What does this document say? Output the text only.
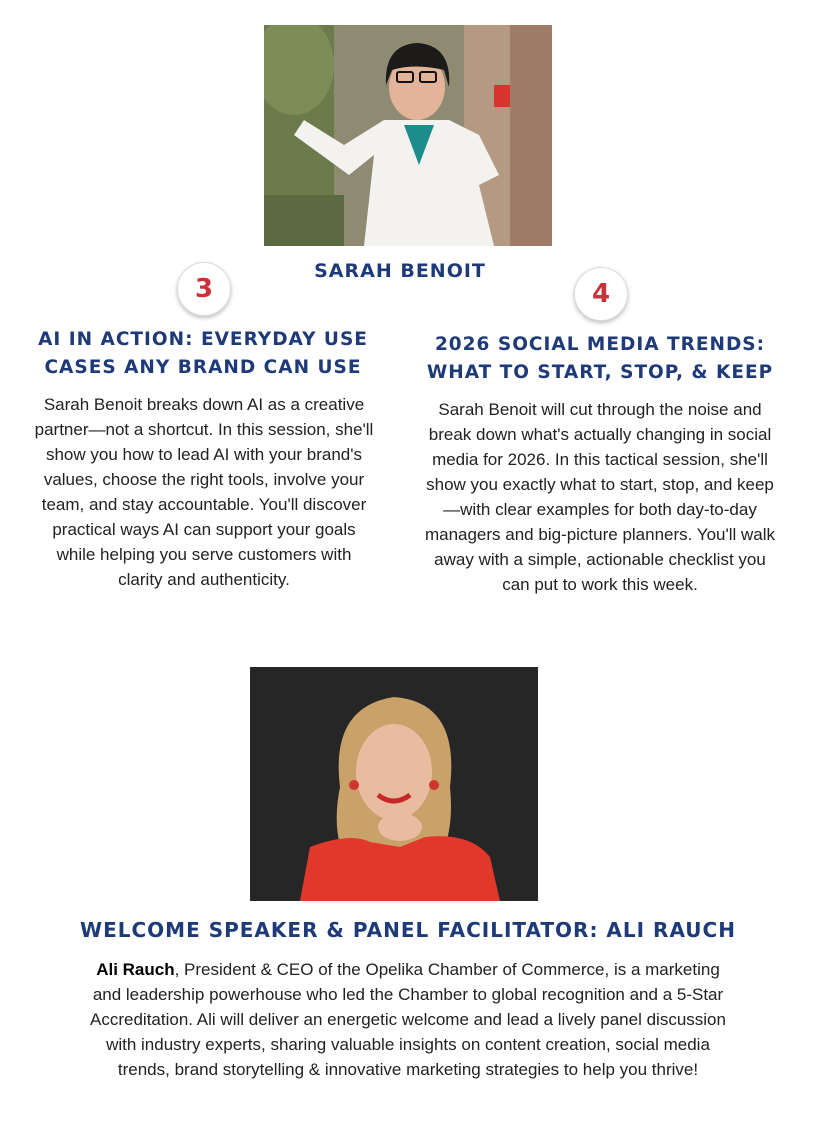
SARAH BENOIT
3
AI IN ACTION: EVERYDAY USE CASES ANY BRAND CAN USE
Sarah Benoit breaks down AI as a creative partner—not a shortcut. In this session, she'll show you how to lead AI with your brand's values, choose the right tools, involve your team, and stay accountable. You'll discover practical ways AI can support your goals while helping you serve customers with clarity and authenticity.
4
2026 SOCIAL MEDIA TRENDS: WHAT TO START, STOP, & KEEP
Sarah Benoit will cut through the noise and break down what's actually changing in social media for 2026. In this tactical session, she'll show you exactly what to start, stop, and keep—with clear examples for both day-to-day managers and big-picture planners. You'll walk away with a simple, actionable checklist you can put to work this week.
WELCOME SPEAKER & PANEL FACILITATOR: ALI RAUCH
Ali Rauch, President & CEO of the Opelika Chamber of Commerce, is a marketing and leadership powerhouse who led the Chamber to global recognition and a 5-Star Accreditation. Ali will deliver an energetic welcome and lead a lively panel discussion with industry experts, sharing valuable insights on content creation, social media trends, brand storytelling & innovative marketing strategies to help you thrive!
